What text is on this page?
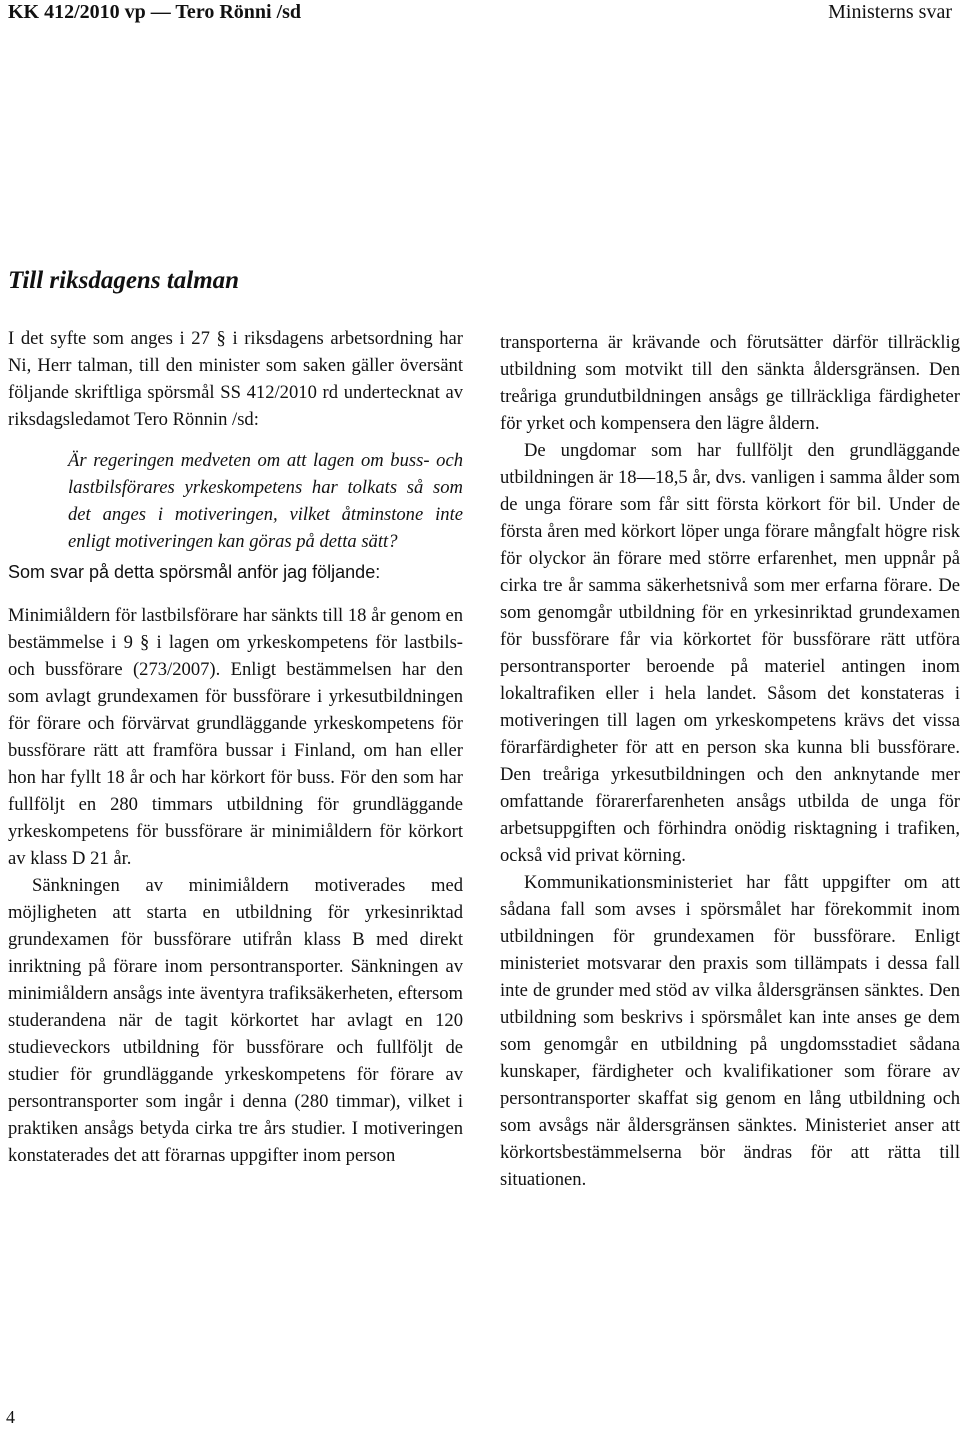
KK 412/2010 vp — Tero Rönni /sd	Ministerns svar
Till riksdagens talman

I det syfte som anges i 27 § i riksdagens arbetsordning har Ni, Herr talman, till den minister som saken gäller översänt följande skriftliga spörsmål SS 412/2010 rd undertecknat av riksdagsledamot Tero Rönnin /sd:

Är regeringen medveten om att lagen om buss- och lastbilsförares yrkeskompetens har tolkats så som det anges i motiveringen, vilket åtminstone inte enligt motiveringen kan göras på detta sätt?

Som svar på detta spörsmål anför jag följande:

Minimiåldern för lastbilsförare har sänkts till 18 år genom en bestämmelse i 9 § i lagen om yrkeskompetens för lastbils- och bussförare (273/2007). Enligt bestämmelsen har den som avlagt grundexamen för bussförare i yrkesutbildningen för förare och förvärvat grundläggande yrkeskompetens för bussförare rätt att framföra bussar i Finland, om han eller hon har fyllt 18 år och har körkort för buss. För den som har fullföljt en 280 timmars utbildning för grundläggande yrkeskompetens för bussförare är minimiåldern för körkort av klass D 21 år.

Sänkningen av minimiåldern motiverades med möjligheten att starta en utbildning för yrkesinriktad grundexamen för bussförare utifrån klass B med direkt inriktning på förare inom persontransporter. Sänkningen av minimiåldern ansågs inte äventyra trafiksäkerheten, eftersom studerandena när de tagit körkortet har avlagt en 120 studieveckors utbildning för bussförare och fullföljt de studier för grundläggande yrkeskompetens för förare av persontransporter som ingår i denna (280 timmar), vilket i praktiken ansågs betyda cirka tre års studier. I motiveringen konstaterades det att förarnas uppgifter inom person

transporterna är krävande och förutsätter därför tillräcklig utbildning som motvikt till den sänkta åldersgränsen. Den treåriga grundutbildningen ansågs ge tillräckliga färdigheter för yrket och kompensera den lägre åldern.

De ungdomar som har fullföljt den grundläggande utbildningen är 18—18,5 år, dvs. vanligen i samma ålder som de unga förare som får sitt första körkort för bil. Under de första åren med körkort löper unga förare mångfalt högre risk för olyckor än förare med större erfarenhet, men uppnår på cirka tre år samma säkerhetsnivå som mer erfarna förare. De som genomgår utbildning för en yrkesinriktad grundexamen för bussförare får via körkortet för bussförare rätt utföra persontransporter beroende på materiel antingen inom lokaltrafiken eller i hela landet. Såsom det konstateras i motiveringen till lagen om yrkeskompetens krävs det vissa förarfärdigheter för att en person ska kunna bli bussförare. Den treåriga yrkesutbildningen och den anknytande mer omfattande förarerfarenheten ansågs utbilda de unga för arbetsuppgiften och förhindra onödig risktagning i trafiken, också vid privat körning.

Kommunikationsministeriet har fått uppgifter om att sådana fall som avses i spörsmålet har förekommit inom utbildningen för grundexamen för bussförare. Enligt ministeriet motsvarar den praxis som tillämpats i dessa fall inte de grunder med stöd av vilka åldersgränsen sänktes. Den utbildning som beskrivs i spörsmålet kan inte anses ge dem som genomgår en utbildning på ungdomsstadiet sådana kunskaper, färdigheter och kvalifikationer som förare av persontransporter skaffat sig genom en lång utbildning och som avsågs när åldersgränsen sänktes. Ministeriet anser att körkortsbestämmelserna bör ändras för att rätta till situationen.

4
